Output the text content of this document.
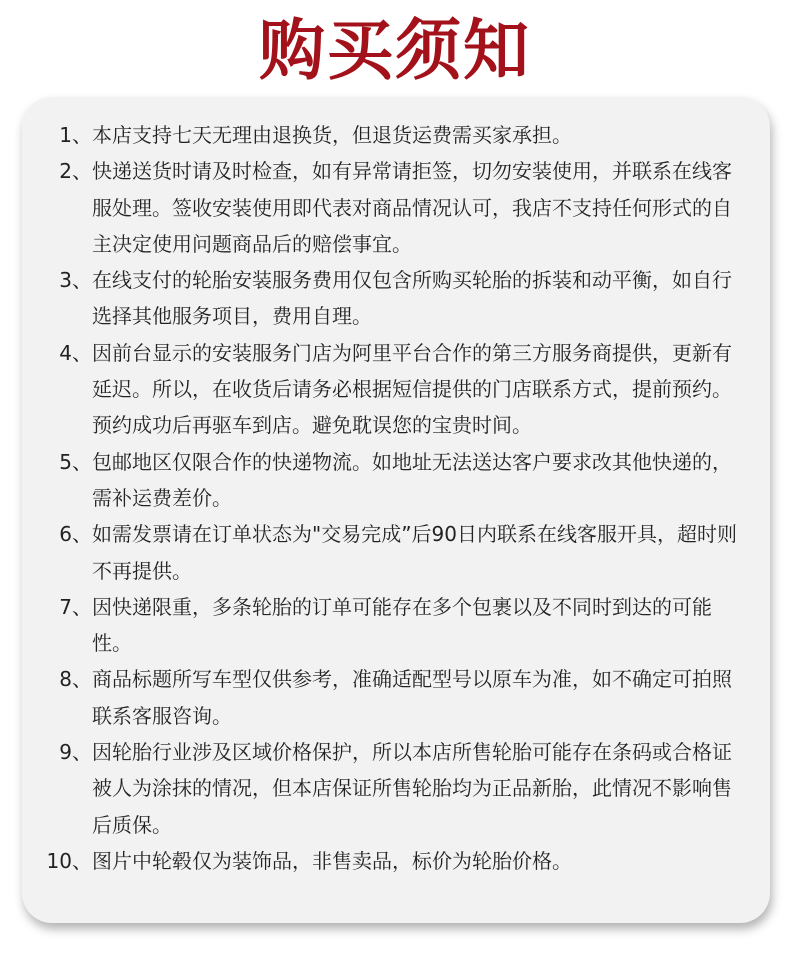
购买须知
1、 本店支持七天无理由退换货，但退货运费需买家承担。
2、 快递送货时请及时检查，如有异常请拒签，切勿安装使用，并联系在线客服处理。签收安装使用即代表对商品情况认可，我店不支持任何形式的自主决定使用问题商品后的赔偿事宜。
3、 在线支付的轮胎安装服务费用仅包含所购买轮胎的拆装和动平衡，如自行选择其他服务项目，费用自理。
4、 因前台显示的安装服务门店为阿里平台合作的第三方服务商提供，更新有延迟。所以，在收货后请务必根据短信提供的门店联系方式，提前预约。预约成功后再驱车到店。避免耽误您的宝贵时间。
5、 包邮地区仅限合作的快递物流。如地址无法送达客户要求改其他快递的，需补运费差价。
6、 如需发票请在订单状态为"交易完成”后90日内联系在线客服开具，超时则不再提供。
7、 因快递限重，多条轮胎的订单可能存在多个包裹以及不同时到达的可能性。
8、 商品标题所写车型仅供参考，准确适配型号以原车为准，如不确定可拍照联系客服咨询。
9、 因轮胎行业涉及区域价格保护，所以本店所售轮胎可能存在条码或合格证被人为涂抹的情况，但本店保证所售轮胎均为正品新胎，此情况不影响售后质保。
10、 图片中轮毂仅为装饰品，非售卖品，标价为轮胎价格。
